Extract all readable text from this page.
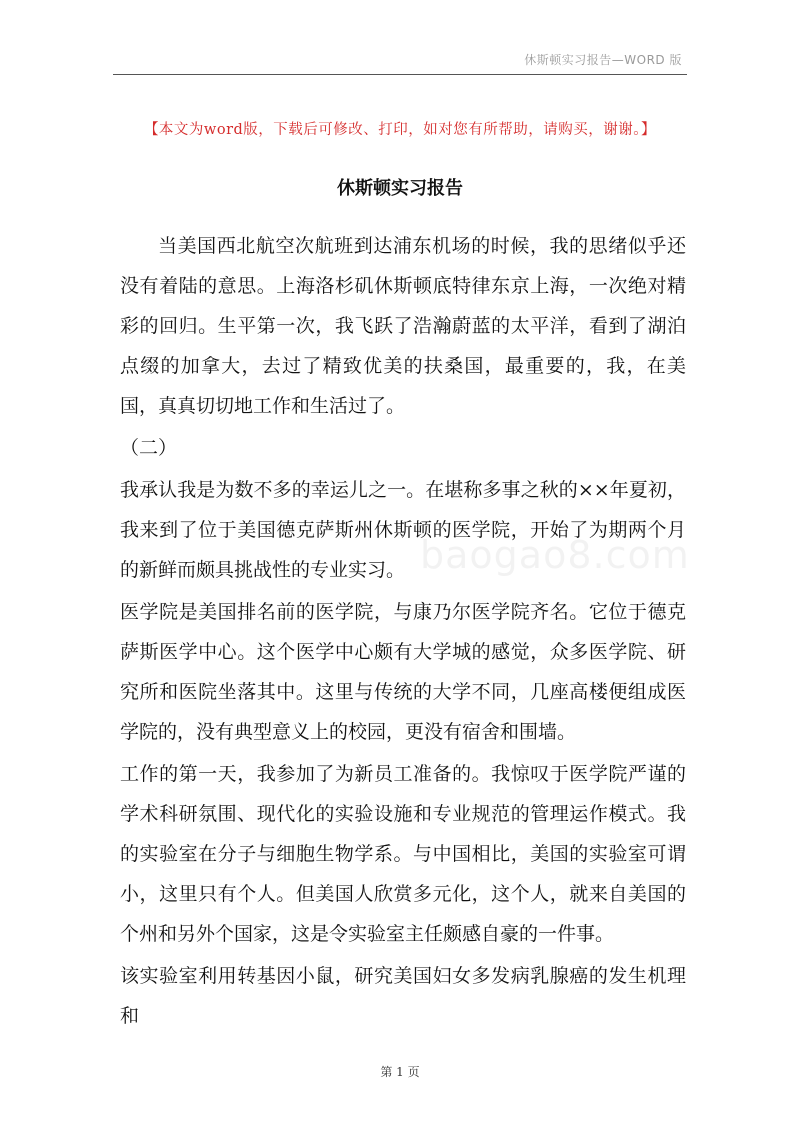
休斯顿实习报告—WORD 版
【本文为word版，下载后可修改、打印，如对您有所帮助，请购买，谢谢。】
休斯顿实习报告

当美国西北航空次航班到达浦东机场的时候，我的思绪似乎还没有着陆的意思。上海洛杉矶休斯顿底特律东京上海，一次绝对精彩的回归。生平第一次，我飞跃了浩瀚蔚蓝的太平洋，看到了湖泊点缀的加拿大，去过了精致优美的扶桑国，最重要的，我，在美国，真真切切地工作和生活过了。

（二）

我承认我是为数不多的幸运儿之一。在堪称多事之秋的××年夏初，我来到了位于美国德克萨斯州休斯顿的医学院，开始了为期两个月的新鲜而颇具挑战性的专业实习。

医学院是美国排名前的医学院，与康乃尔医学院齐名。它位于德克萨斯医学中心。这个医学中心颇有大学城的感觉，众多医学院、研究所和医院坐落其中。这里与传统的大学不同，几座高楼便组成医学院的，没有典型意义上的校园，更没有宿舍和围墙。

工作的第一天，我参加了为新员工准备的。我惊叹于医学院严谨的学术科研氛围、现代化的实验设施和专业规范的管理运作模式。我的实验室在分子与细胞生物学系。与中国相比，美国的实验室可谓小，这里只有个人。但美国人欣赏多元化，这个人，就来自美国的个州和另外个国家，这是令实验室主任颇感自豪的一件事。

该实验室利用转基因小鼠，研究美国妇女多发病乳腺癌的发生机理和

baogao8.com
第 1 页
